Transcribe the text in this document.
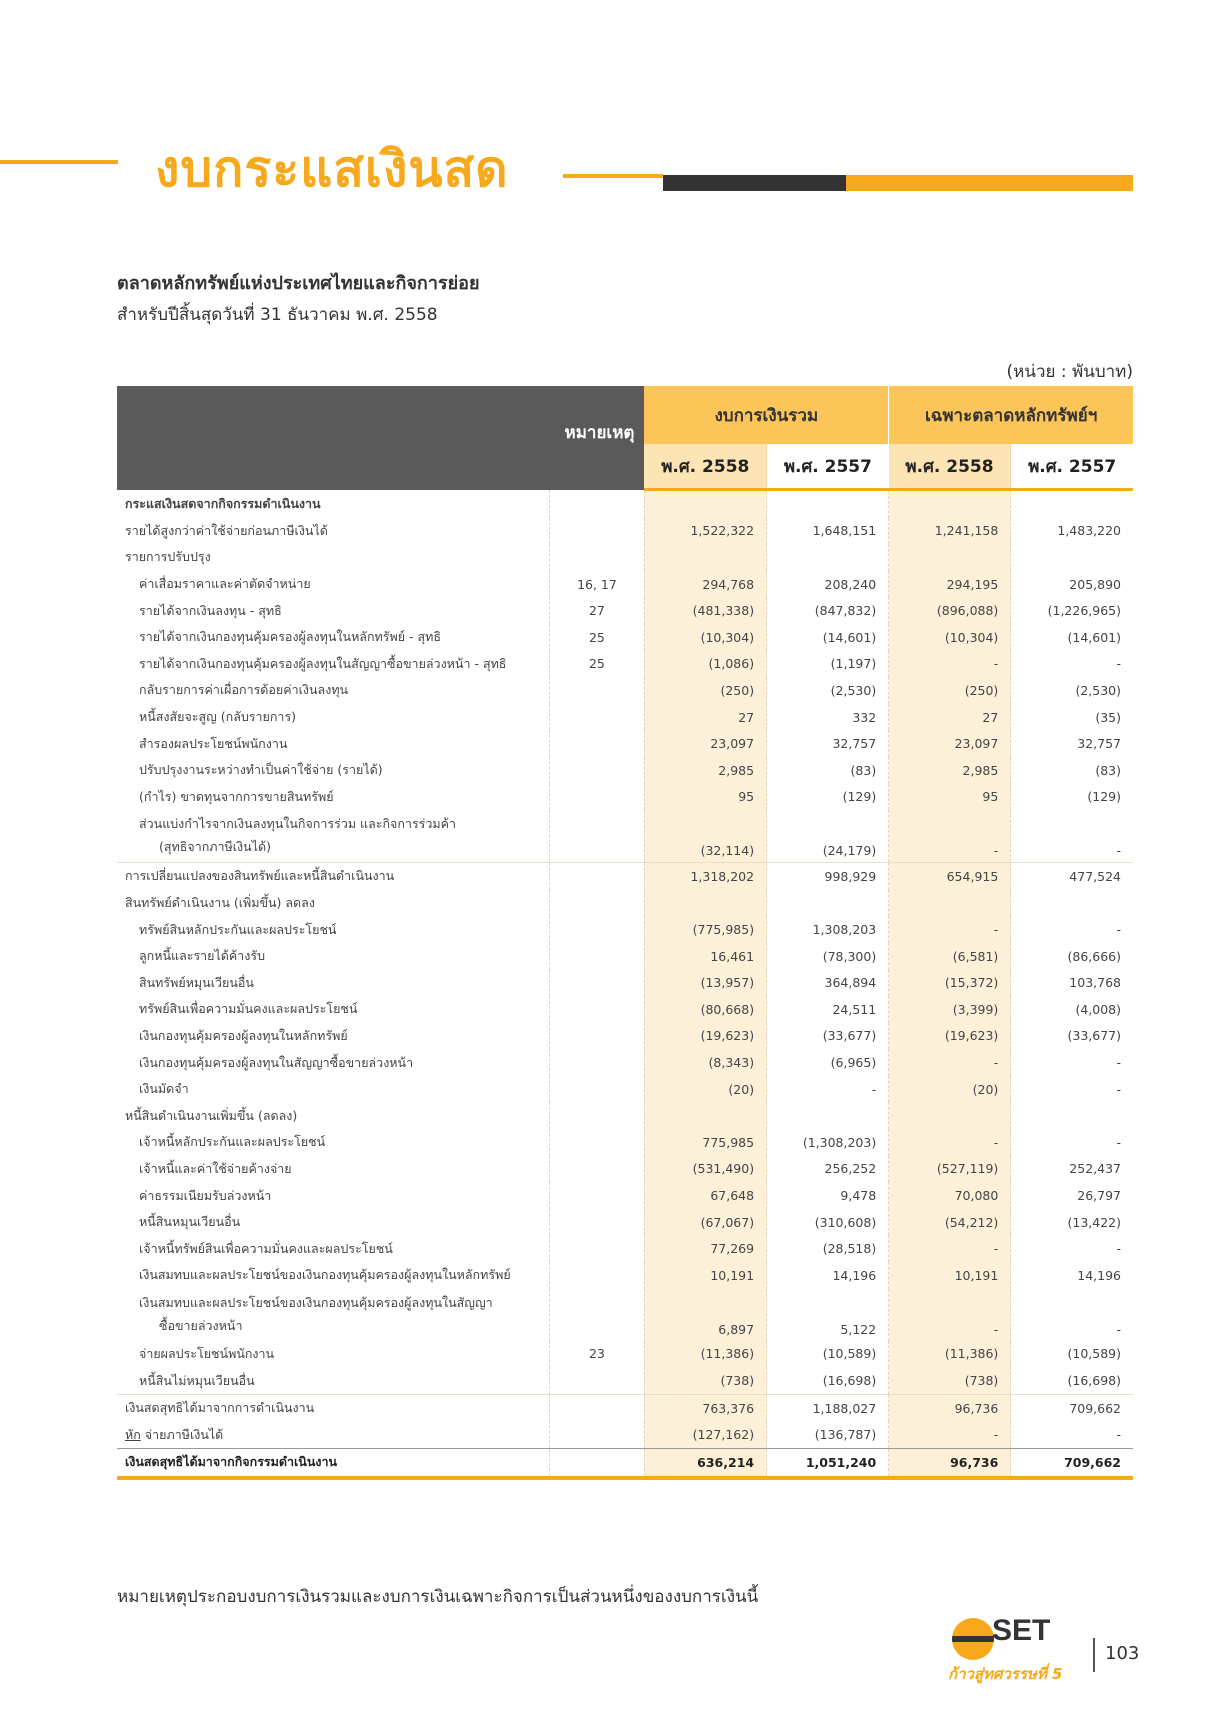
งบกระแสเงินสด
ตลาดหลักทรัพย์แห่งประเทศไทยและกิจการย่อย
สำหรับปีสิ้นสุดวันที่ 31 ธันวาคม พ.ศ. 2558
(หน่วย : พันบาท)
	หมายเหตุ	งบการเงินรวม		เฉพาะตลาดหลักทรัพย์ฯ	
		พ.ศ. 2558	พ.ศ. 2557	พ.ศ. 2558	พ.ศ. 2557
กระแสเงินสดจากกิจกรรมดำเนินงาน					
รายได้สูงกว่าค่าใช้จ่ายก่อนภาษีเงินได้		1,522,322	1,648,151	1,241,158	1,483,220
รายการปรับปรุง					
ค่าเสื่อมราคาและค่าตัดจำหน่าย	16, 17	294,768	208,240	294,195	205,890
รายได้จากเงินลงทุน - สุทธิ	27	(481,338)	(847,832)	(896,088)	(1,226,965)
รายได้จากเงินกองทุนคุ้มครองผู้ลงทุนในหลักทรัพย์ - สุทธิ	25	(10,304)	(14,601)	(10,304)	(14,601)
รายได้จากเงินกองทุนคุ้มครองผู้ลงทุนในสัญญาซื้อขายล่วงหน้า - สุทธิ	25	(1,086)	(1,197)	-	-
กลับรายการค่าเผื่อการด้อยค่าเงินลงทุน		(250)	(2,530)	(250)	(2,530)
หนี้สงสัยจะสูญ (กลับรายการ)		27	332	27	(35)
สำรองผลประโยชน์พนักงาน		23,097	32,757	23,097	32,757
ปรับปรุงงานระหว่างทำเป็นค่าใช้จ่าย (รายได้)		2,985	(83)	2,985	(83)
(กำไร) ขาดทุนจากการขายสินทรัพย์		95	(129)	95	(129)
ส่วนแบ่งกำไรจากเงินลงทุนในกิจการร่วม และกิจการร่วมค้า
(สุทธิจากภาษีเงินได้)		(32,114)	(24,179)	-	-
การเปลี่ยนแปลงของสินทรัพย์และหนี้สินดำเนินงาน		1,318,202	998,929	654,915	477,524
สินทรัพย์ดำเนินงาน (เพิ่มขึ้น) ลดลง					
ทรัพย์สินหลักประกันและผลประโยชน์		(775,985)	1,308,203	-	-
ลูกหนี้และรายได้ค้างรับ		16,461	(78,300)	(6,581)	(86,666)
สินทรัพย์หมุนเวียนอื่น		(13,957)	364,894	(15,372)	103,768
ทรัพย์สินเพื่อความมั่นคงและผลประโยชน์		(80,668)	24,511	(3,399)	(4,008)
เงินกองทุนคุ้มครองผู้ลงทุนในหลักทรัพย์		(19,623)	(33,677)	(19,623)	(33,677)
เงินกองทุนคุ้มครองผู้ลงทุนในสัญญาซื้อขายล่วงหน้า		(8,343)	(6,965)	-	-
เงินมัดจำ		(20)	-	(20)	-
หนี้สินดำเนินงานเพิ่มขึ้น (ลดลง)					
เจ้าหนี้หลักประกันและผลประโยชน์		775,985	(1,308,203)	-	-
เจ้าหนี้และค่าใช้จ่ายค้างจ่าย		(531,490)	256,252	(527,119)	252,437
ค่าธรรมเนียมรับล่วงหน้า		67,648	9,478	70,080	26,797
หนี้สินหมุนเวียนอื่น		(67,067)	(310,608)	(54,212)	(13,422)
เจ้าหนี้ทรัพย์สินเพื่อความมั่นคงและผลประโยชน์		77,269	(28,518)	-	-
เงินสมทบและผลประโยชน์ของเงินกองทุนคุ้มครองผู้ลงทุนในหลักทรัพย์		10,191	14,196	10,191	14,196
เงินสมทบและผลประโยชน์ของเงินกองทุนคุ้มครองผู้ลงทุนในสัญญา
ซื้อขายล่วงหน้า		6,897	5,122	-	-
จ่ายผลประโยชน์พนักงาน	23	(11,386)	(10,589)	(11,386)	(10,589)
หนี้สินไม่หมุนเวียนอื่น		(738)	(16,698)	(738)	(16,698)
เงินสดสุทธิได้มาจากการดำเนินงาน		763,376	1,188,027	96,736	709,662
หัก จ่ายภาษีเงินได้		(127,162)	(136,787)	-	-
เงินสดสุทธิได้มาจากกิจกรรมดำเนินงาน		636,214	1,051,240	96,736	709,662
หมายเหตุประกอบงบการเงินรวมและงบการเงินเฉพาะกิจการเป็นส่วนหนึ่งของงบการเงินนี้
SET
ก้าวสู่ทศวรรษที่ 5
103
